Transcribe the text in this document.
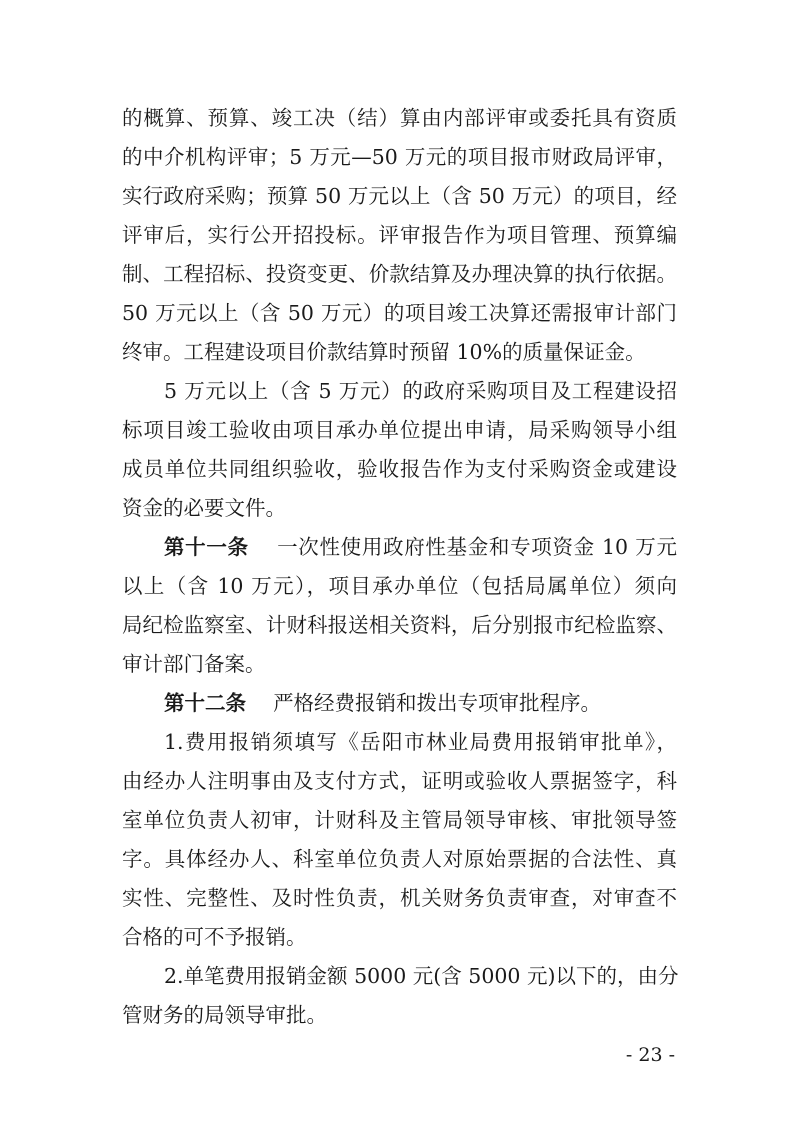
的概算、预算、竣工决（结）算由内部评审或委托具有资质
的中介机构评审；5 万元—50 万元的项目报市财政局评审，
实行政府采购；预算 50 万元以上（含 50 万元）的项目，经
评审后，实行公开招投标。评审报告作为项目管理、预算编
制、工程招标、投资变更、价款结算及办理决算的执行依据。
50 万元以上（含 50 万元）的项目竣工决算还需报审计部门
终审。工程建设项目价款结算时预留 10%的质量保证金。
5 万元以上（含 5 万元）的政府采购项目及工程建设招
标项目竣工验收由项目承办单位提出申请，局采购领导小组
成员单位共同组织验收，验收报告作为支付采购资金或建设
资金的必要文件。
第十一条 一次性使用政府性基金和专项资金 10 万元
以上（含 10 万元），项目承办单位（包括局属单位）须向
局纪检监察室、计财科报送相关资料，后分别报市纪检监察、
审计部门备案。
第十二条 严格经费报销和拨出专项审批程序。
1.费用报销须填写《岳阳市林业局费用报销审批单》，
由经办人注明事由及支付方式，证明或验收人票据签字，科
室单位负责人初审，计财科及主管局领导审核、审批领导签
字。具体经办人、科室单位负责人对原始票据的合法性、真
实性、完整性、及时性负责，机关财务负责审查，对审查不
合格的可不予报销。
2.单笔费用报销金额 5000 元(含 5000 元)以下的，由分
管财务的局领导审批。
- 23 -
